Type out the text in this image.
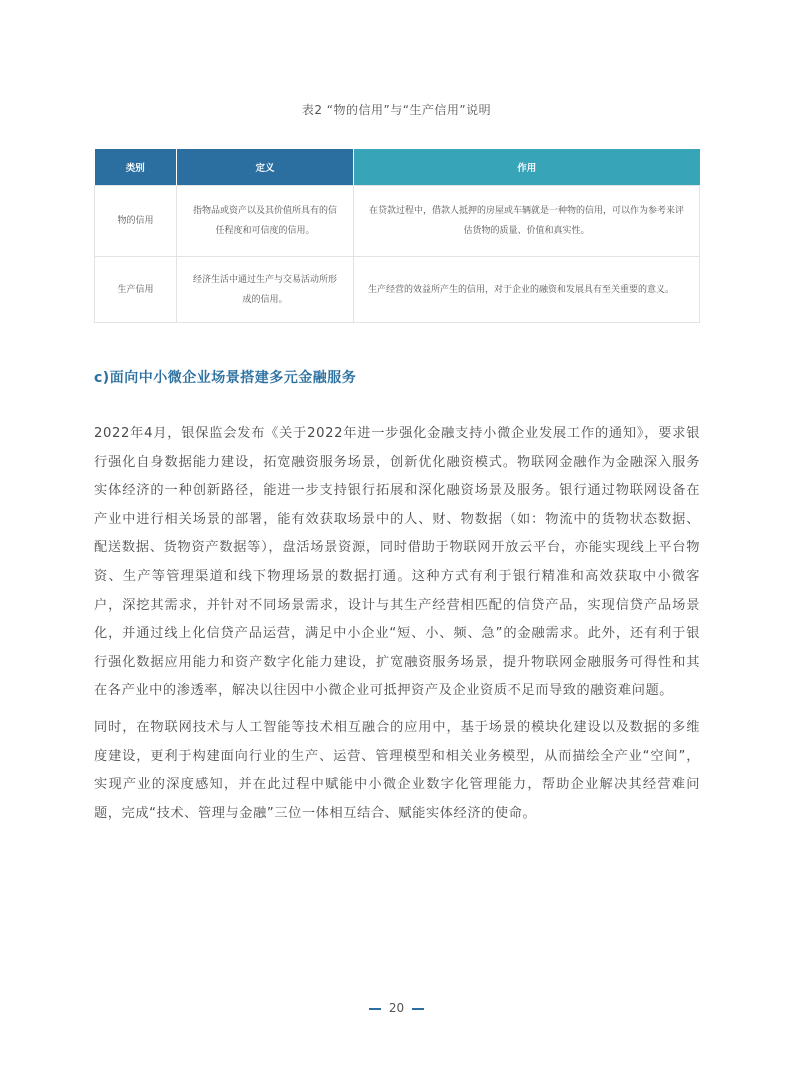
表2 “物的信用”与“生产信用”说明
类别	定义	作用
物的信用	指物品或资产以及其价值所具有的信任程度和可信度的信用。	在贷款过程中，借款人抵押的房屋或车辆就是一种物的信用，可以作为参考来评估货物的质量、价值和真实性。
生产信用	经济生活中通过生产与交易活动所形成的信用。	生产经营的效益所产生的信用，对于企业的融资和发展具有至关重要的意义。
c)面向中小微企业场景搭建多元金融服务

2022年4月，银保监会发布《关于2022年进一步强化金融支持小微企业发展工作的通知》，要求银行强化自身数据能力建设，拓宽融资服务场景，创新优化融资模式。物联网金融作为金融深入服务实体经济的一种创新路径，能进一步支持银行拓展和深化融资场景及服务。银行通过物联网设备在产业中进行相关场景的部署，能有效获取场景中的人、财、物数据（如：物流中的货物状态数据、配送数据、货物资产数据等），盘活场景资源，同时借助于物联网开放云平台，亦能实现线上平台物资、生产等管理渠道和线下物理场景的数据打通。这种方式有利于银行精准和高效获取中小微客户，深挖其需求，并针对不同场景需求，设计与其生产经营相匹配的信贷产品，实现信贷产品场景化，并通过线上化信贷产品运营，满足中小企业“短、小、频、急”的金融需求。此外，还有利于银行强化数据应用能力和资产数字化能力建设，扩宽融资服务场景，提升物联网金融服务可得性和其在各产业中的渗透率，解决以往因中小微企业可抵押资产及企业资质不足而导致的融资难问题。

同时，在物联网技术与人工智能等技术相互融合的应用中，基于场景的模块化建设以及数据的多维度建设，更利于构建面向行业的生产、运营、管理模型和相关业务模型，从而描绘全产业“空间”，实现产业的深度感知，并在此过程中赋能中小微企业数字化管理能力，帮助企业解决其经营难问题，完成“技术、管理与金融”三位一体相互结合、赋能实体经济的使命。

20
